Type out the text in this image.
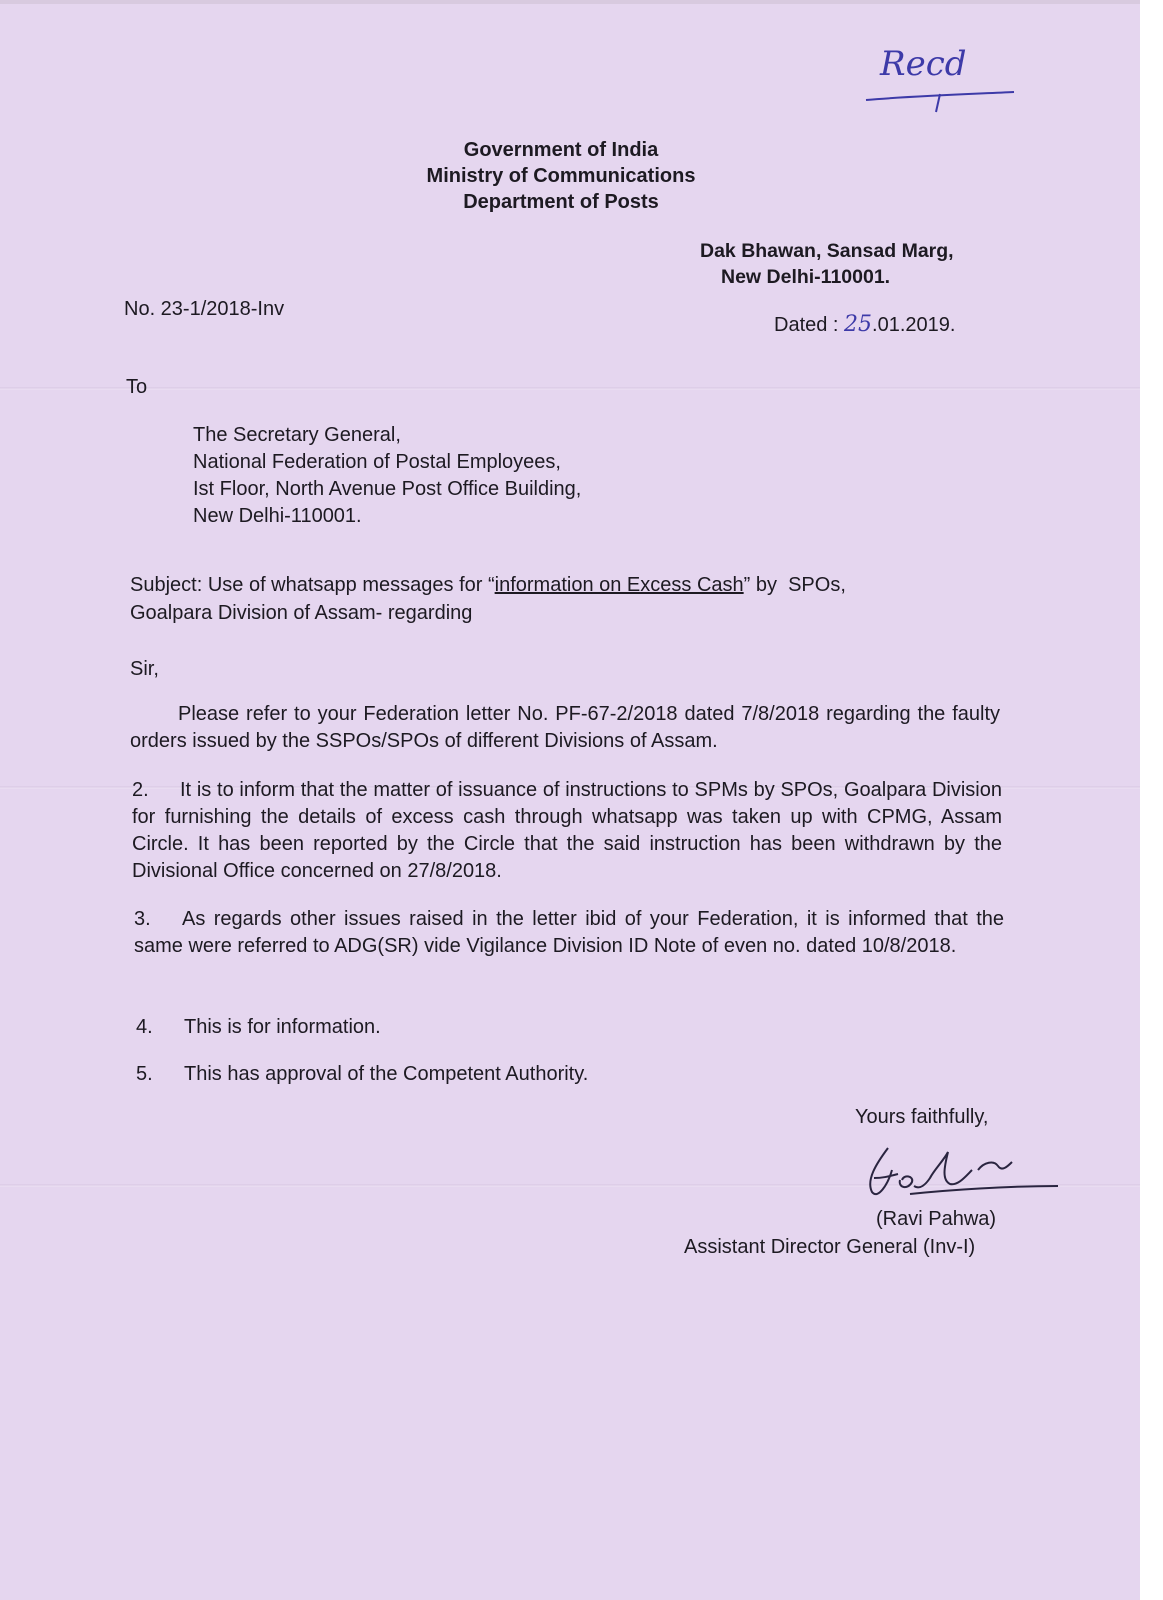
Recd
Government of India
Ministry of Communications
Department of Posts
Dak Bhawan, Sansad Marg,
New Delhi-110001.
No. 23-1/2018-Inv
Dated : 25.01.2019.
To
The Secretary General,
National Federation of Postal Employees,
Ist Floor, North Avenue Post Office Building,
New Delhi-110001.
Subject: Use of whatsapp messages for “information on Excess Cash” by  SPOs,
Goalpara Division of Assam- regarding
Sir,
Please refer to your Federation letter No. PF-67-2/2018 dated 7/8/2018 regarding the faulty orders issued by the SSPOs/SPOs of different Divisions of Assam.
2. It is to inform that the matter of issuance of instructions to SPMs by SPOs, Goalpara Division for furnishing the details of excess cash through whatsapp was taken up with CPMG, Assam Circle. It has been reported by the Circle that the said instruction has been withdrawn by the Divisional Office concerned on 27/8/2018.
3. As regards other issues raised in the letter ibid of your Federation, it is informed that the same were referred to ADG(SR) vide Vigilance Division ID Note of even no. dated 10/8/2018.
4. This is for information.
5. This has approval of the Competent Authority.
Yours faithfully,
(Ravi Pahwa)
Assistant Director General (Inv-I)
